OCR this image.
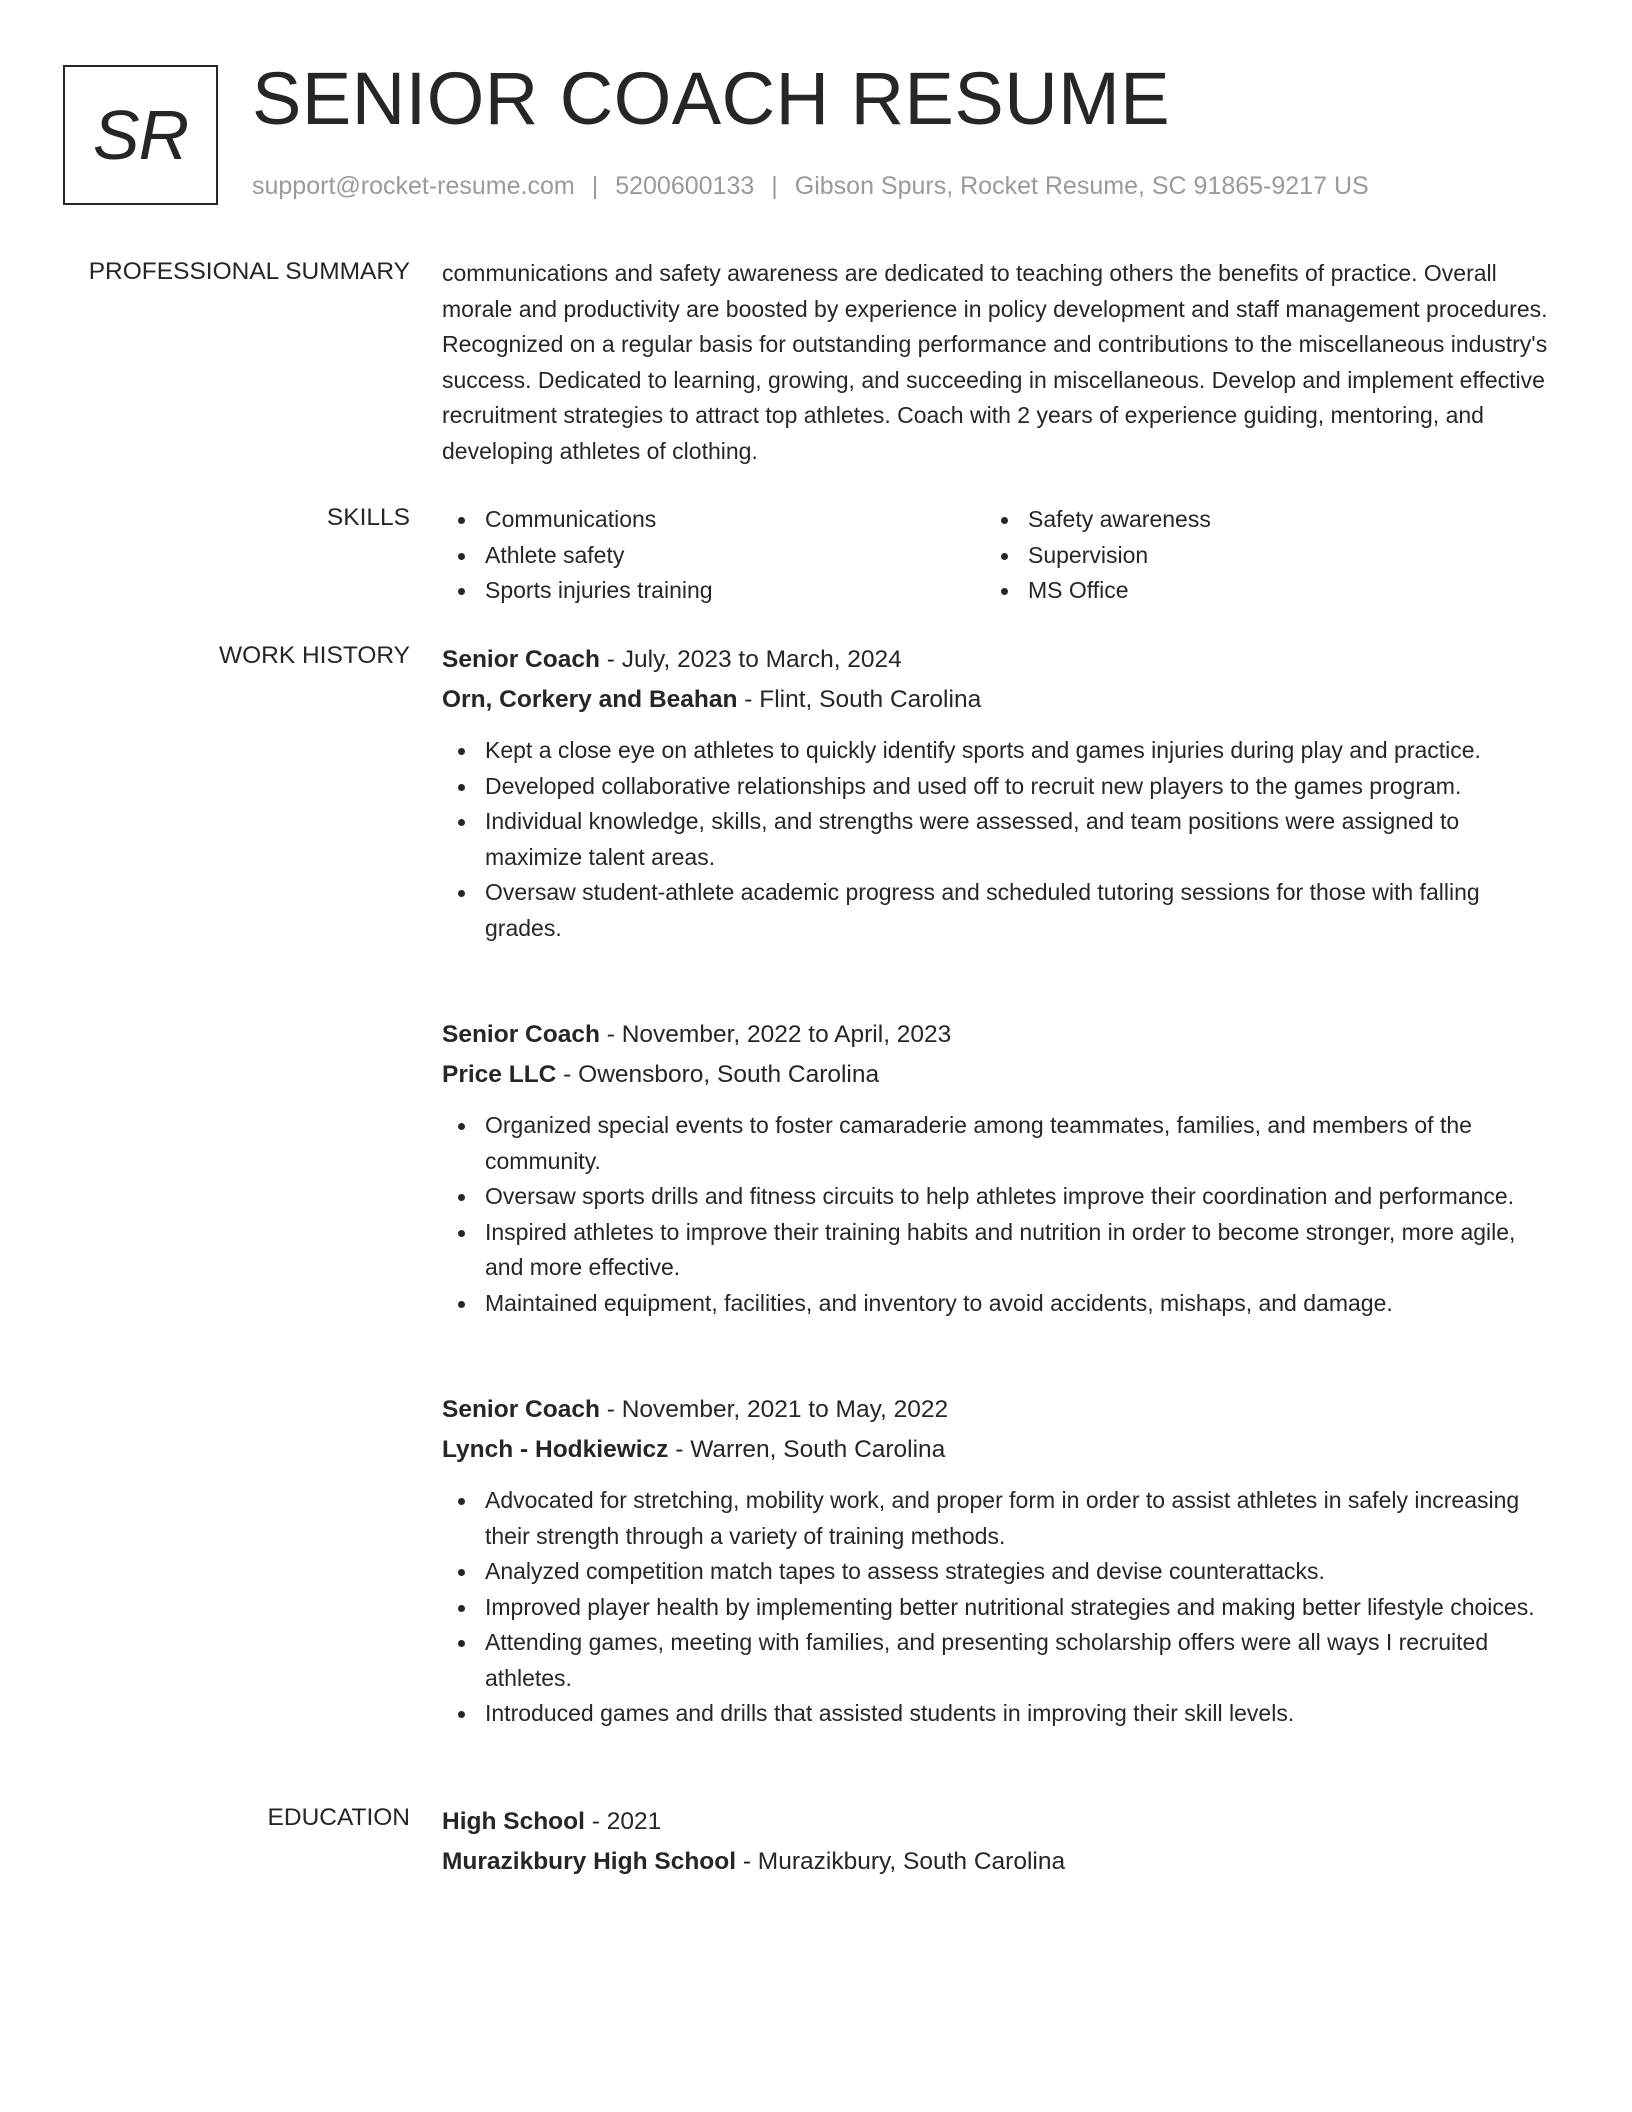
SR SENIOR COACH RESUME
support@rocket-resume.com | 5200600133 | Gibson Spurs, Rocket Resume, SC 91865-9217 US
PROFESSIONAL SUMMARY communications and safety awareness are dedicated to teaching others the benefits of practice. Overall morale and productivity are boosted by experience in policy development and staff management procedures. Recognized on a regular basis for outstanding performance and contributions to the miscellaneous industry's success. Dedicated to learning, growing, and succeeding in miscellaneous. Develop and implement effective recruitment strategies to attract top athletes. Coach with 2 years of experience guiding, mentoring, and developing athletes of clothing.

SKILLS	Communications	Safety awareness
Athlete safety	Supervision
Sports injuries training	MS Office
WORK HISTORY Senior Coach - July, 2023 to March, 2024
Orn, Corkery and Beahan - Flint, South Carolina
Kept a close eye on athletes to quickly identify sports and games injuries during play and practice.
Developed collaborative relationships and used off to recruit new players to the games program.
Individual knowledge, skills, and strengths were assessed, and team positions were assigned to maximize talent areas.
Oversaw student-athlete academic progress and scheduled tutoring sessions for those with falling grades.
Senior Coach - November, 2022 to April, 2023
Price LLC - Owensboro, South Carolina
Organized special events to foster camaraderie among teammates, families, and members of the community.
Oversaw sports drills and fitness circuits to help athletes improve their coordination and performance.
Inspired athletes to improve their training habits and nutrition in order to become stronger, more agile, and more effective.
Maintained equipment, facilities, and inventory to avoid accidents, mishaps, and damage.
Senior Coach - November, 2021 to May, 2022
Lynch - Hodkiewicz - Warren, South Carolina
Advocated for stretching, mobility work, and proper form in order to assist athletes in safely increasing their strength through a variety of training methods.
Analyzed competition match tapes to assess strategies and devise counterattacks.
Improved player health by implementing better nutritional strategies and making better lifestyle choices.
Attending games, meeting with families, and presenting scholarship offers were all ways I recruited athletes.
Introduced games and drills that assisted students in improving their skill levels.
EDUCATION High School - 2021
Murazikbury High School - Murazikbury, South Carolina
